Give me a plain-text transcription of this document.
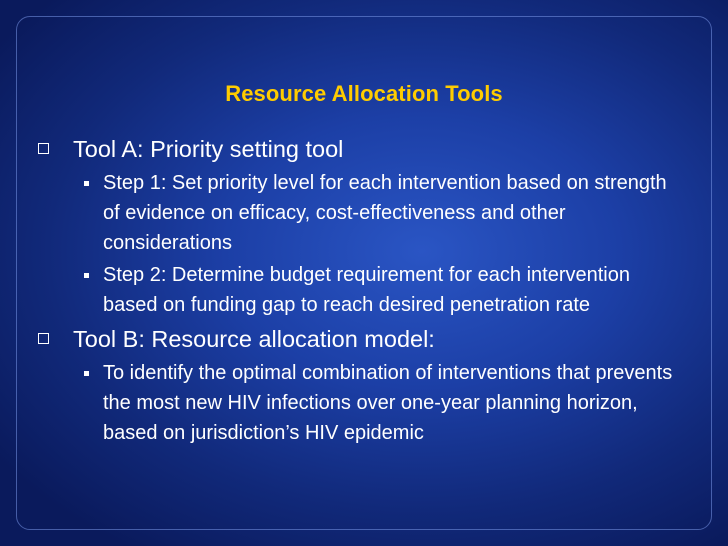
Resource Allocation Tools
Tool A: Priority setting tool
Step 1: Set priority level for each intervention based on strength of evidence on efficacy, cost-effectiveness and other considerations
Step 2: Determine budget requirement for each intervention based on funding gap to reach desired penetration rate
Tool B: Resource allocation model:
To identify the optimal combination of interventions that prevents the most new HIV infections over one-year planning horizon, based on jurisdiction’s HIV epidemic
